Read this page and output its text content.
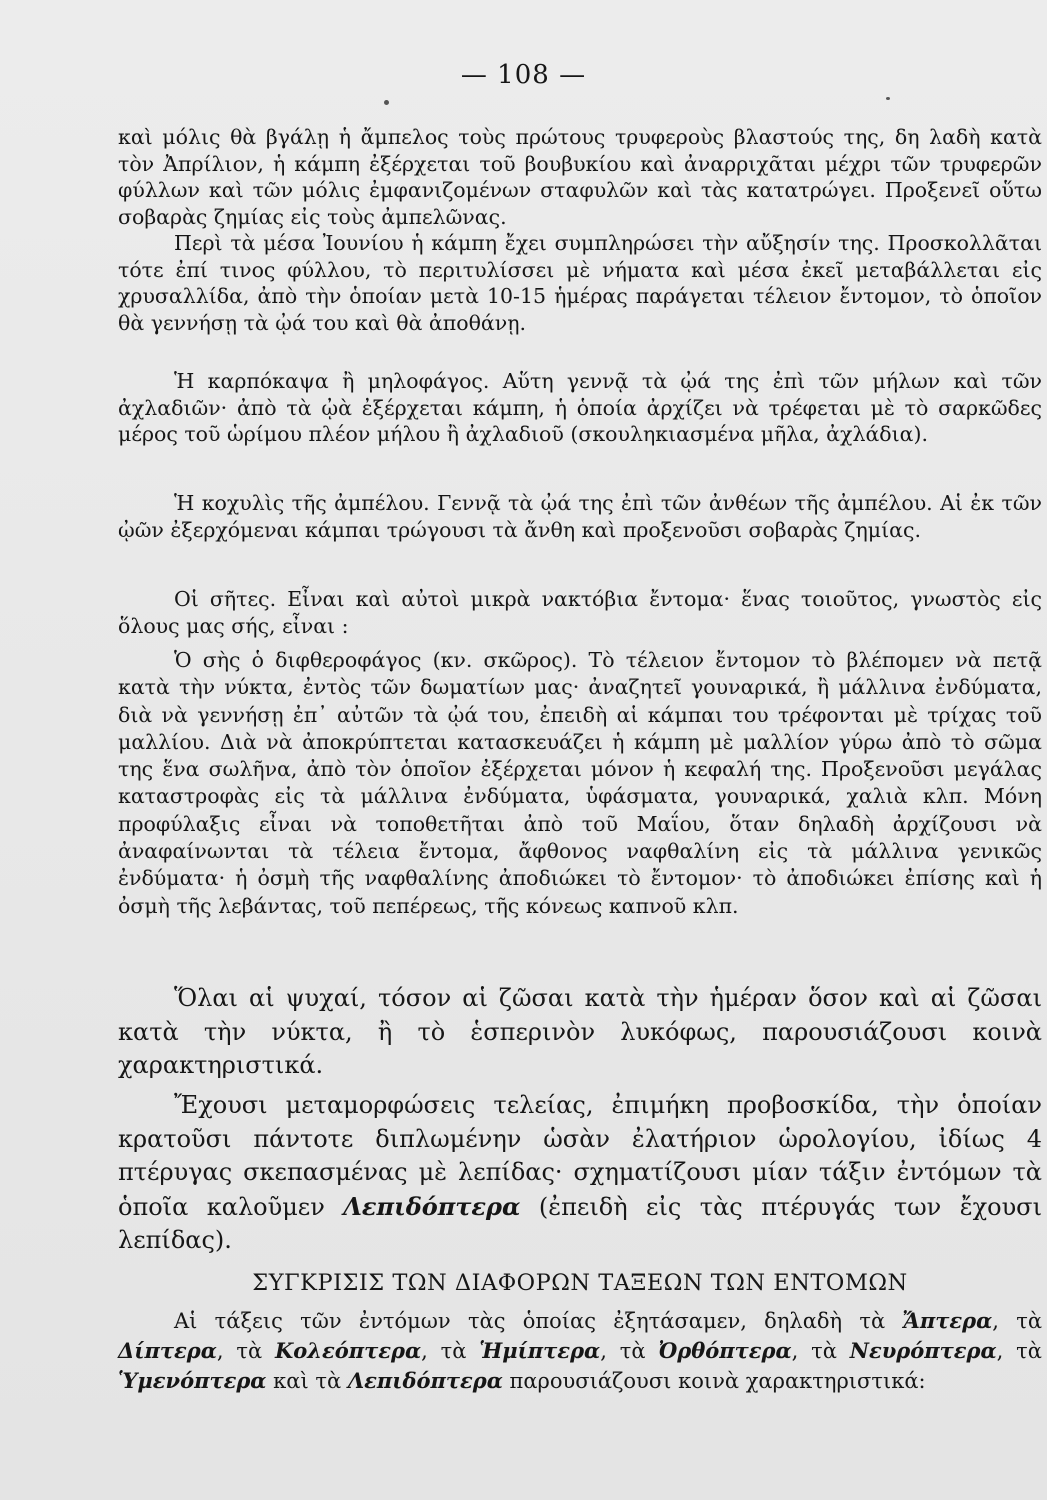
— 108 —

καὶ μόλις θὰ βγάλῃ ἡ ἄμπελος τοὺς πρώτους τρυφεροὺς βλαστούς της, δη λαδὴ κατὰ τὸν Ἀπρίλιον, ἡ κάμπη ἐξέρχεται τοῦ βουβυκίου καὶ ἀναρριχᾶται μέχρι τῶν τρυφερῶν φύλλων καὶ τῶν μόλις ἐμφανιζομένων σταφυλῶν καὶ τὰς κατατρώγει. Προξενεῖ οὕτω σοβαρὰς ζημίας εἰς τοὺς ἀμπελῶνας.

Περὶ τὰ μέσα Ἰουνίου ἡ κάμπη ἔχει συμπληρώσει τὴν αὔξησίν της. Προσκολλᾶται τότε ἐπί τινος φύλλου, τὸ περιτυλίσσει μὲ νήματα καὶ μέσα ἐκεῖ μεταβάλλεται εἰς χρυσαλλίδα, ἀπὸ τὴν ὁποίαν μετὰ 10-15 ἡμέρας παράγεται τέλειον ἔντομον, τὸ ὁποῖον θὰ γεννήσῃ τὰ ᾠά του καὶ θὰ ἀποθάνῃ.

Ἡ καρπόκαψα ἢ μηλοφάγος. Αὕτη γεννᾷ τὰ ᾠά της ἐπὶ τῶν μήλων καὶ τῶν ἀχλαδιῶν· ἀπὸ τὰ ᾠὰ ἐξέρχεται κάμπη, ἡ ὁποία ἀρχίζει νὰ τρέφεται μὲ τὸ σαρκῶδες μέρος τοῦ ὡρίμου πλέον μήλου ἢ ἀχλαδιοῦ (σκουληκιασμένα μῆλα, ἀχλάδια).

Ἡ κοχυλὶς τῆς ἀμπέλου. Γεννᾷ τὰ ᾠά της ἐπὶ τῶν ἀνθέων τῆς ἀμπέλου. Αἱ ἐκ τῶν ᾠῶν ἐξερχόμεναι κάμπαι τρώγουσι τὰ ἄνθη καὶ προξενοῦσι σοβαρὰς ζημίας.

Οἱ σῆτες. Εἶναι καὶ αὐτοὶ μικρὰ νακτόβια ἔντομα· ἕνας τοιοῦτος, γνωστὸς εἰς ὅλους μας σής, εἶναι :

Ὁ σὴς ὁ διφθεροφάγος (κν. σκῶρος). Τὸ τέλειον ἔντομον τὸ βλέπομεν νὰ πετᾷ κατὰ τὴν νύκτα, ἐντὸς τῶν δωματίων μας· ἀναζητεῖ γουναρικά, ἢ μάλλινα ἐνδύματα, διὰ νὰ γεννήσῃ ἐπ᾽ αὐτῶν τὰ ᾠά του, ἐπειδὴ αἱ κάμπαι του τρέφονται μὲ τρίχας τοῦ μαλλίου. Διὰ νὰ ἀποκρύπτεται κατασκευάζει ἡ κάμπη μὲ μαλλίον γύρω ἀπὸ τὸ σῶμα της ἕνα σωλῆνα, ἀπὸ τὸν ὁποῖον ἐξέρχεται μόνον ἡ κεφαλή της. Προξενοῦσι μεγάλας καταστροφὰς εἰς τὰ μάλλινα ἐνδύματα, ὑφάσματα, γουναρικά, χαλιὰ κλπ. Μόνη προφύλαξις εἶναι νὰ τοποθετῆται ἀπὸ τοῦ Μαΐου, ὅταν δηλαδὴ ἀρχίζουσι νὰ ἀναφαίνωνται τὰ τέλεια ἔντομα, ἄφθονος ναφθαλίνη εἰς τὰ μάλλινα γενικῶς ἐνδύματα· ἡ ὀσμὴ τῆς ναφθαλίνης ἀποδιώκει τὸ ἔντομον· τὸ ἀποδιώκει ἐπίσης καὶ ἡ ὀσμὴ τῆς λεβάντας, τοῦ πεπέρεως, τῆς κόνεως καπνοῦ κλπ.

Ὅλαι αἱ ψυχαί, τόσον αἱ ζῶσαι κατὰ τὴν ἡμέραν ὅσον καὶ αἱ ζῶσαι κατὰ τὴν νύκτα, ἢ τὸ ἑσπερινὸν λυκόφως, παρουσιάζουσι κοινὰ χαρακτηριστικά.

Ἔχουσι μεταμορφώσεις τελείας, ἐπιμήκη προβοσκίδα, τὴν ὁποίαν κρατοῦσι πάντοτε διπλωμένην ὡσὰν ἐλατήριον ὡρολογίου, ἰδίως 4 πτέρυγας σκεπασμένας μὲ λεπίδας· σχηματίζουσι μίαν τάξιν ἐντόμων τὰ ὁποῖα καλοῦμεν Λεπιδόπτερα (ἐπειδὴ εἰς τὰς πτέρυγάς των ἔχουσι λεπίδας).

ΣΥΓΚΡΙΣΙΣ ΤΩΝ ΔΙΑΦΟΡΩΝ ΤΑΞΕΩΝ ΤΩΝ ΕΝΤΟΜΩΝ

Αἱ τάξεις τῶν ἐντόμων τὰς ὁποίας ἐξητάσαμεν, δηλαδὴ τὰ Ἄπτερα, τὰ Δίπτερα, τὰ Κολεόπτερα, τὰ Ἡμίπτερα, τὰ Ὀρθόπτερα, τὰ Νευρόπτερα, τὰ Ὑμενόπτερα καὶ τὰ Λεπιδόπτερα παρουσιάζουσι κοινὰ χαρακτηριστικά:
